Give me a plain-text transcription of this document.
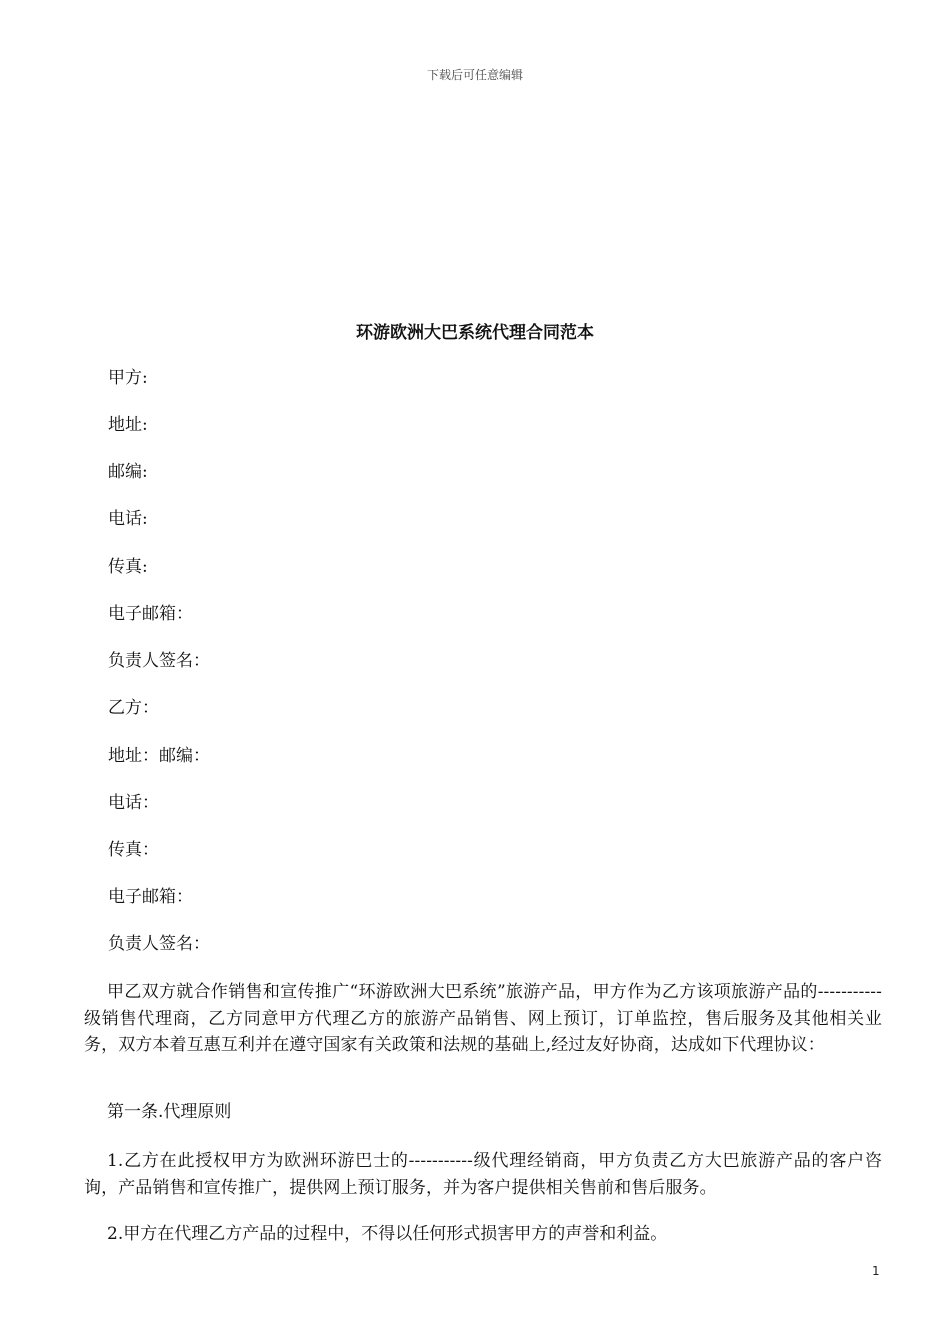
下载后可任意编辑
环游欧洲大巴系统代理合同范本
甲方:
地址:
邮编:
电话:
传真:
电子邮箱：
负责人签名：
乙方：
地址：邮编：
电话：
传真：
电子邮箱：
负责人签名：
甲乙双方就合作销售和宣传推广“环游欧洲大巴系统”旅游产品，甲方作为乙方该项旅游产品的-----------级销售代理商，乙方同意甲方代理乙方的旅游产品销售、网上预订，订单监控，售后服务及其他相关业务，双方本着互惠互利并在遵守国家有关政策和法规的基础上,经过友好协商，达成如下代理协议：
第一条.代理原则
1.乙方在此授权甲方为欧洲环游巴士的-----------级代理经销商，甲方负责乙方大巴旅游产品的客户咨询，产品销售和宣传推广，提供网上预订服务，并为客户提供相关售前和售后服务。
2.甲方在代理乙方产品的过程中，不得以任何形式损害甲方的声誉和利益。
1
